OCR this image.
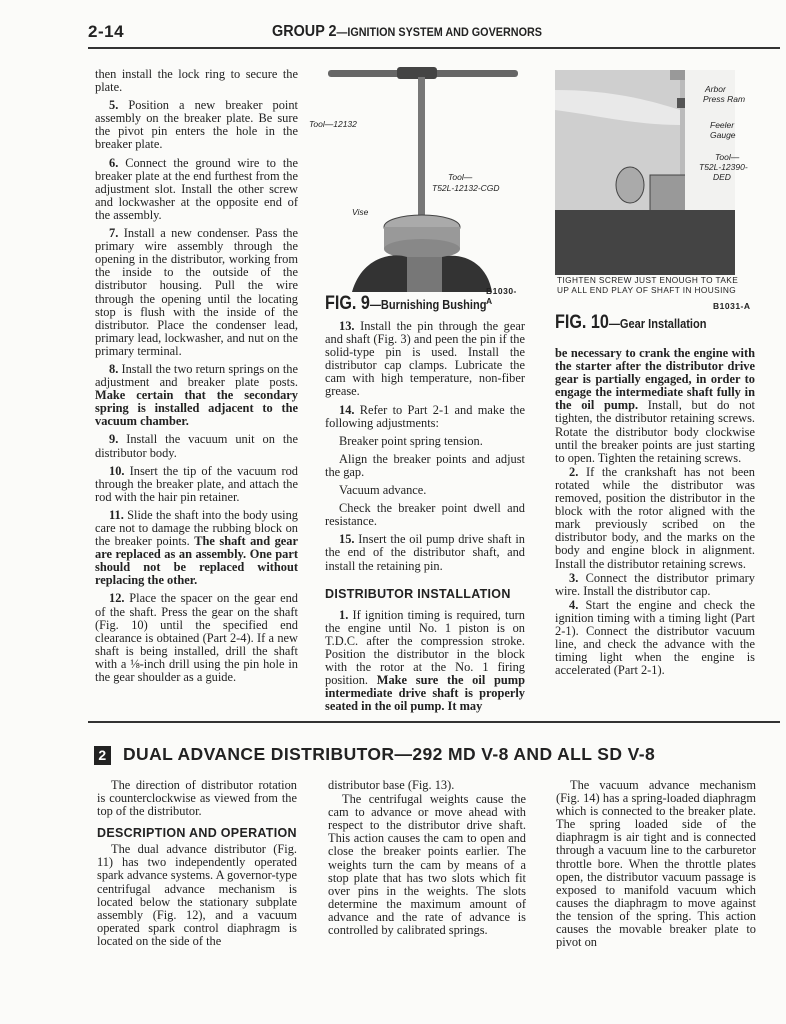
2-14	GROUP 2—IGNITION SYSTEM AND GOVERNORS

then install the lock ring to secure the plate.

5. Position a new breaker point assembly on the breaker plate. Be sure the pivot pin enters the hole in the breaker plate.

6. Connect the ground wire to the breaker plate at the end furthest from the adjustment slot. Install the other screw and lockwasher at the opposite end of the assembly.

7. Install a new condenser. Pass the primary wire assembly through the opening in the distributor, working from the inside to the outside of the distributor housing. Pull the wire through the opening until the locating stop is flush with the inside of the distributor. Place the condenser lead, primary lead, lockwasher, and nut on the primary terminal.

8. Install the two return springs on the adjustment and breaker plate posts. Make certain that the secondary spring is installed adjacent to the vacuum chamber.

9. Install the vacuum unit on the distributor body.

10. Insert the tip of the vacuum rod through the breaker plate, and attach the rod with the hair pin retainer.

11. Slide the shaft into the body using care not to damage the rubbing block on the breaker points. The shaft and gear are replaced as an assembly. One part should not be replaced without replacing the other.

12. Place the spacer on the gear end of the shaft. Press the gear on the shaft (Fig. 10) until the specified end clearance is obtained (Part 2-4). If a new shaft is being installed, drill the shaft with a ⅛-inch drill using the pin hole in the gear shoulder as a guide.

Tool—12132
Tool—
T52L-12132-CGD
Vise
B1030-A
FIG. 9—Burnishing Bushing

13. Install the pin through the gear and shaft (Fig. 3) and peen the pin if the solid-type pin is used. Install the distributor cap clamps. Lubricate the cam with high temperature, non-fiber grease.

14. Refer to Part 2-1 and make the following adjustments:

Breaker point spring tension.

Align the breaker points and adjust the gap.

Vacuum advance.

Check the breaker point dwell and resistance.

15. Insert the oil pump drive shaft in the end of the distributor shaft, and install the retaining pin.

DISTRIBUTOR INSTALLATION

1. If ignition timing is required, turn the engine until No. 1 piston is on T.D.C. after the compression stroke. Position the distributor in the block with the rotor at the No. 1 firing position. Make sure the oil pump intermediate drive shaft is properly seated in the oil pump. It may

Arbor
Press Ram
Feeler
Gauge
Tool—
T52L-12390-
DED
TIGHTEN SCREW JUST ENOUGH TO TAKE UP ALL END PLAY OF SHAFT IN HOUSING
B1031-A
FIG. 10—Gear Installation

be necessary to crank the engine with the starter after the distributor drive gear is partially engaged, in order to engage the intermediate shaft fully in the oil pump. Install, but do not tighten, the distributor retaining screws. Rotate the distributor body clockwise until the breaker points are just starting to open. Tighten the retaining screws.

2. If the crankshaft has not been rotated while the distributor was removed, position the distributor in the block with the rotor aligned with the mark previously scribed on the distributor body, and the marks on the body and engine block in alignment. Install the distributor retaining screws.

3. Connect the distributor primary wire. Install the distributor cap.

4. Start the engine and check the ignition timing with a timing light (Part 2-1). Connect the distributor vacuum line, and check the advance with the timing light when the engine is accelerated (Part 2-1).

2 DUAL ADVANCE DISTRIBUTOR—292 MD V-8 AND ALL SD V-8

The direction of distributor rotation is counterclockwise as viewed from the top of the distributor.

DESCRIPTION AND OPERATION

The dual advance distributor (Fig. 11) has two independently operated spark advance systems. A governor-type centrifugal advance mechanism is located below the stationary subplate assembly (Fig. 12), and a vacuum operated spark control diaphragm is located on the side of the

distributor base (Fig. 13).

The centrifugal weights cause the cam to advance or move ahead with respect to the distributor drive shaft. This action causes the cam to open and close the breaker points earlier. The weights turn the cam by means of a stop plate that has two slots which fit over pins in the weights. The slots determine the maximum amount of advance and the rate of advance is controlled by calibrated springs.

The vacuum advance mechanism (Fig. 14) has a spring-loaded diaphragm which is connected to the breaker plate. The spring loaded side of the diaphragm is air tight and is connected through a vacuum line to the carburetor throttle bore. When the throttle plates open, the distributor vacuum passage is exposed to manifold vacuum which causes the diaphragm to move against the tension of the spring. This action causes the movable breaker plate to pivot on
